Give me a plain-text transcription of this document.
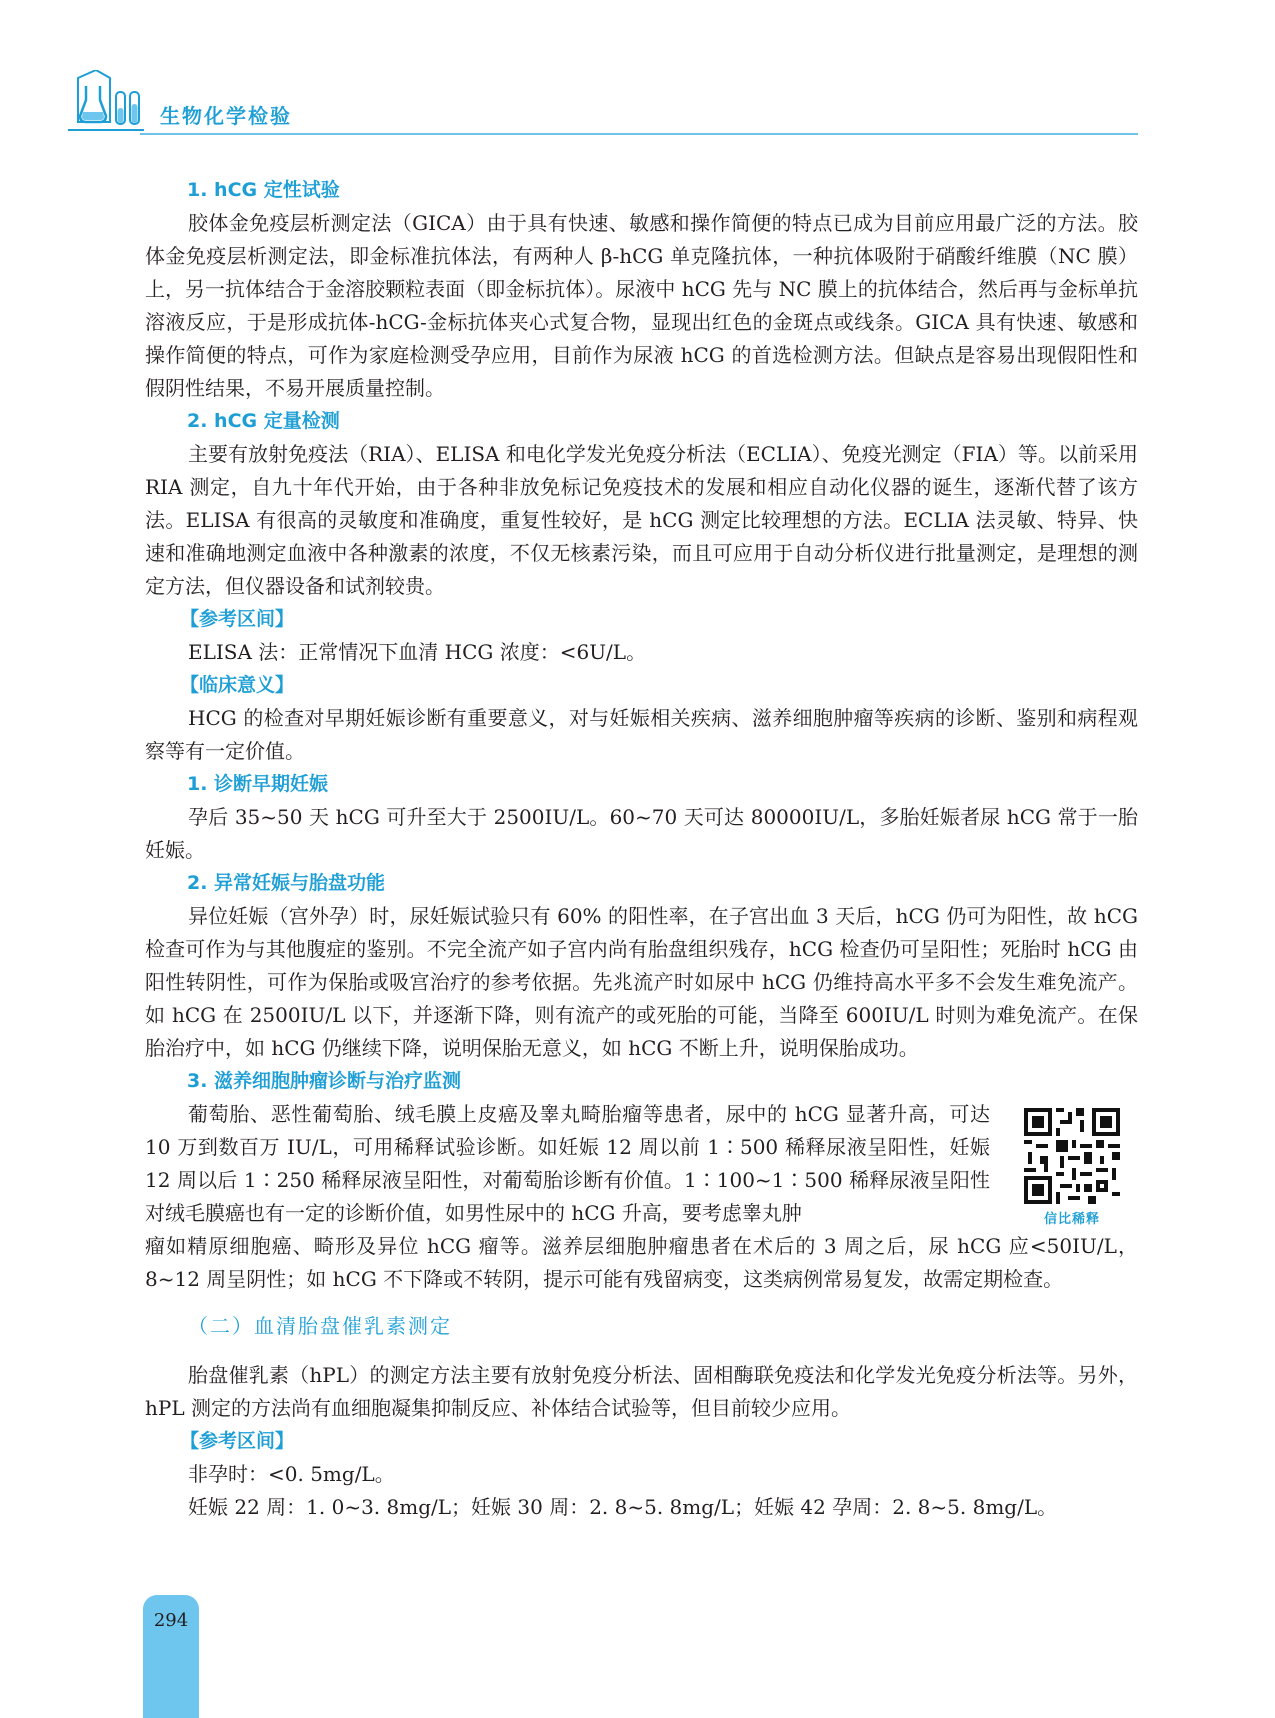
生物化学检验

1. hCG 定性试验

胶体金免疫层析测定法（GICA）由于具有快速、敏感和操作简便的特点已成为目前应用最广泛的方法。胶体金免疫层析测定法，即金标准抗体法，有两种人 β-hCG 单克隆抗体，一种抗体吸附于硝酸纤维膜（NC 膜）上，另一抗体结合于金溶胶颗粒表面（即金标抗体）。尿液中 hCG 先与 NC 膜上的抗体结合，然后再与金标单抗溶液反应，于是形成抗体-hCG-金标抗体夹心式复合物，显现出红色的金斑点或线条。GICA 具有快速、敏感和操作简便的特点，可作为家庭检测受孕应用，目前作为尿液 hCG 的首选检测方法。但缺点是容易出现假阳性和假阴性结果，不易开展质量控制。

2. hCG 定量检测

主要有放射免疫法（RIA）、ELISA 和电化学发光免疫分析法（ECLIA）、免疫光测定（FIA）等。以前采用 RIA 测定，自九十年代开始，由于各种非放免标记免疫技术的发展和相应自动化仪器的诞生，逐渐代替了该方法。ELISA 有很高的灵敏度和准确度，重复性较好，是 hCG 测定比较理想的方法。ECLIA 法灵敏、特异、快速和准确地测定血液中各种激素的浓度，不仅无核素污染，而且可应用于自动分析仪进行批量测定，是理想的测定方法，但仪器设备和试剂较贵。

【参考区间】

ELISA 法：正常情况下血清 HCG 浓度：<6U/L。

【临床意义】

HCG 的检查对早期妊娠诊断有重要意义，对与妊娠相关疾病、滋养细胞肿瘤等疾病的诊断、鉴别和病程观察等有一定价值。

1. 诊断早期妊娠

孕后 35~50 天 hCG 可升至大于 2500IU/L。60~70 天可达 80000IU/L，多胎妊娠者尿 hCG 常于一胎妊娠。

2. 异常妊娠与胎盘功能

异位妊娠（宫外孕）时，尿妊娠试验只有 60% 的阳性率，在子宫出血 3 天后，hCG 仍可为阳性，故 hCG 检查可作为与其他腹症的鉴别。不完全流产如子宫内尚有胎盘组织残存，hCG 检查仍可呈阳性；死胎时 hCG 由阳性转阴性，可作为保胎或吸宫治疗的参考依据。先兆流产时如尿中 hCG 仍维持高水平多不会发生难免流产。如 hCG 在 2500IU/L 以下，并逐渐下降，则有流产的或死胎的可能，当降至 600IU/L 时则为难免流产。在保胎治疗中，如 hCG 仍继续下降，说明保胎无意义，如 hCG 不断上升，说明保胎成功。

3. 滋养细胞肿瘤诊断与治疗监测

葡萄胎、恶性葡萄胎、绒毛膜上皮癌及睾丸畸胎瘤等患者，尿中的 hCG 显著升高，可达 10 万到数百万 IU/L，可用稀释试验诊断。如妊娠 12 周以前 1∶500 稀释尿液呈阳性，妊娠 12 周以后 1∶250 稀释尿液呈阳性，对葡萄胎诊断有价值。1∶100~1∶500 稀释尿液呈阳性对绒毛膜癌也有一定的诊断价值，如男性尿中的 hCG 升高，要考虑睾丸肿

瘤如精原细胞癌、畸形及异位 hCG 瘤等。滋养层细胞肿瘤患者在术后的 3 周之后，尿 hCG 应<50IU/L，8~12 周呈阴性；如 hCG 不下降或不转阴，提示可能有残留病变，这类病例常易复发，故需定期检查。

（二）血清胎盘催乳素测定

胎盘催乳素（hPL）的测定方法主要有放射免疫分析法、固相酶联免疫法和化学发光免疫分析法等。另外，hPL 测定的方法尚有血细胞凝集抑制反应、补体结合试验等，但目前较少应用。

【参考区间】

非孕时：<0. 5mg/L。

妊娠 22 周：1. 0~3. 8mg/L；妊娠 30 周：2. 8~5. 8mg/L；妊娠 42 孕周：2. 8~5. 8mg/L。

信比稀释
294
